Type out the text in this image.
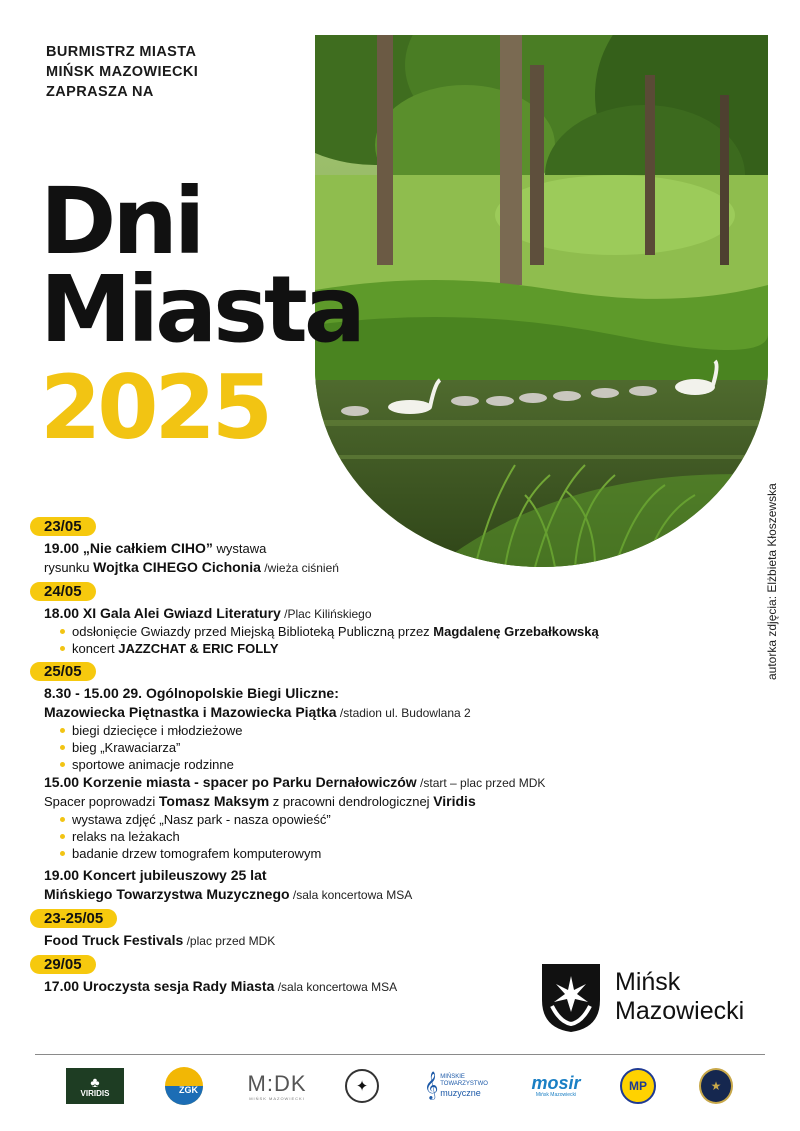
BURMISTRZ MIASTA
MIŃSK MAZOWIECKI
ZAPRASZA NA
Dni
Miasta
2025
autorka zdjęcia: Elżbieta Kłoszewska
23/05
19.00 „Nie całkiem CIHO” wystawa
rysunku Wojtka CIHEGO Cichonia /wieża ciśnień
24/05
18.00 XI Gala Alei Gwiazd Literatury /Plac Kilińskiego
odsłonięcie Gwiazdy przed Miejską Biblioteką Publiczną przez Magdalenę Grzebałkowską
koncert JAZZCHAT & ERIC FOLLY
25/05
8.30 - 15.00 29. Ogólnopolskie Biegi Uliczne:
Mazowiecka Piętnastka i Mazowiecka Piątka /stadion ul. Budowlana 2
biegi dziecięce i młodzieżowe
bieg „Krawaciarza”
sportowe animacje rodzinne
15.00 Korzenie miasta - spacer po Parku Dernałowiczów /start – plac przed MDK
Spacer poprowadzi Tomasz Maksym z pracowni dendrologicznej Viridis
wystawa zdjęć „Nasz park - nasza opowieść”
relaks na leżakach
badanie drzew tomografem komputerowym
19.00 Koncert jubileuszowy 25 lat
Mińskiego Towarzystwa Muzycznego /sala koncertowa MSA
23-25/05
Food Truck Festivals /plac przed MDK
29/05
17.00 Uroczysta sesja Rady Miasta /sala koncertowa MSA	Mińsk
Mazowiecki
♣
VIRIDIS	ZGK M:DK
MIŃSK MAZOWIECKI
✦ 𝄞 MIŃSKIE
TOWARZYSTWO
muzyczne	mosir
Mińsk Mazowiecki
MP	★
